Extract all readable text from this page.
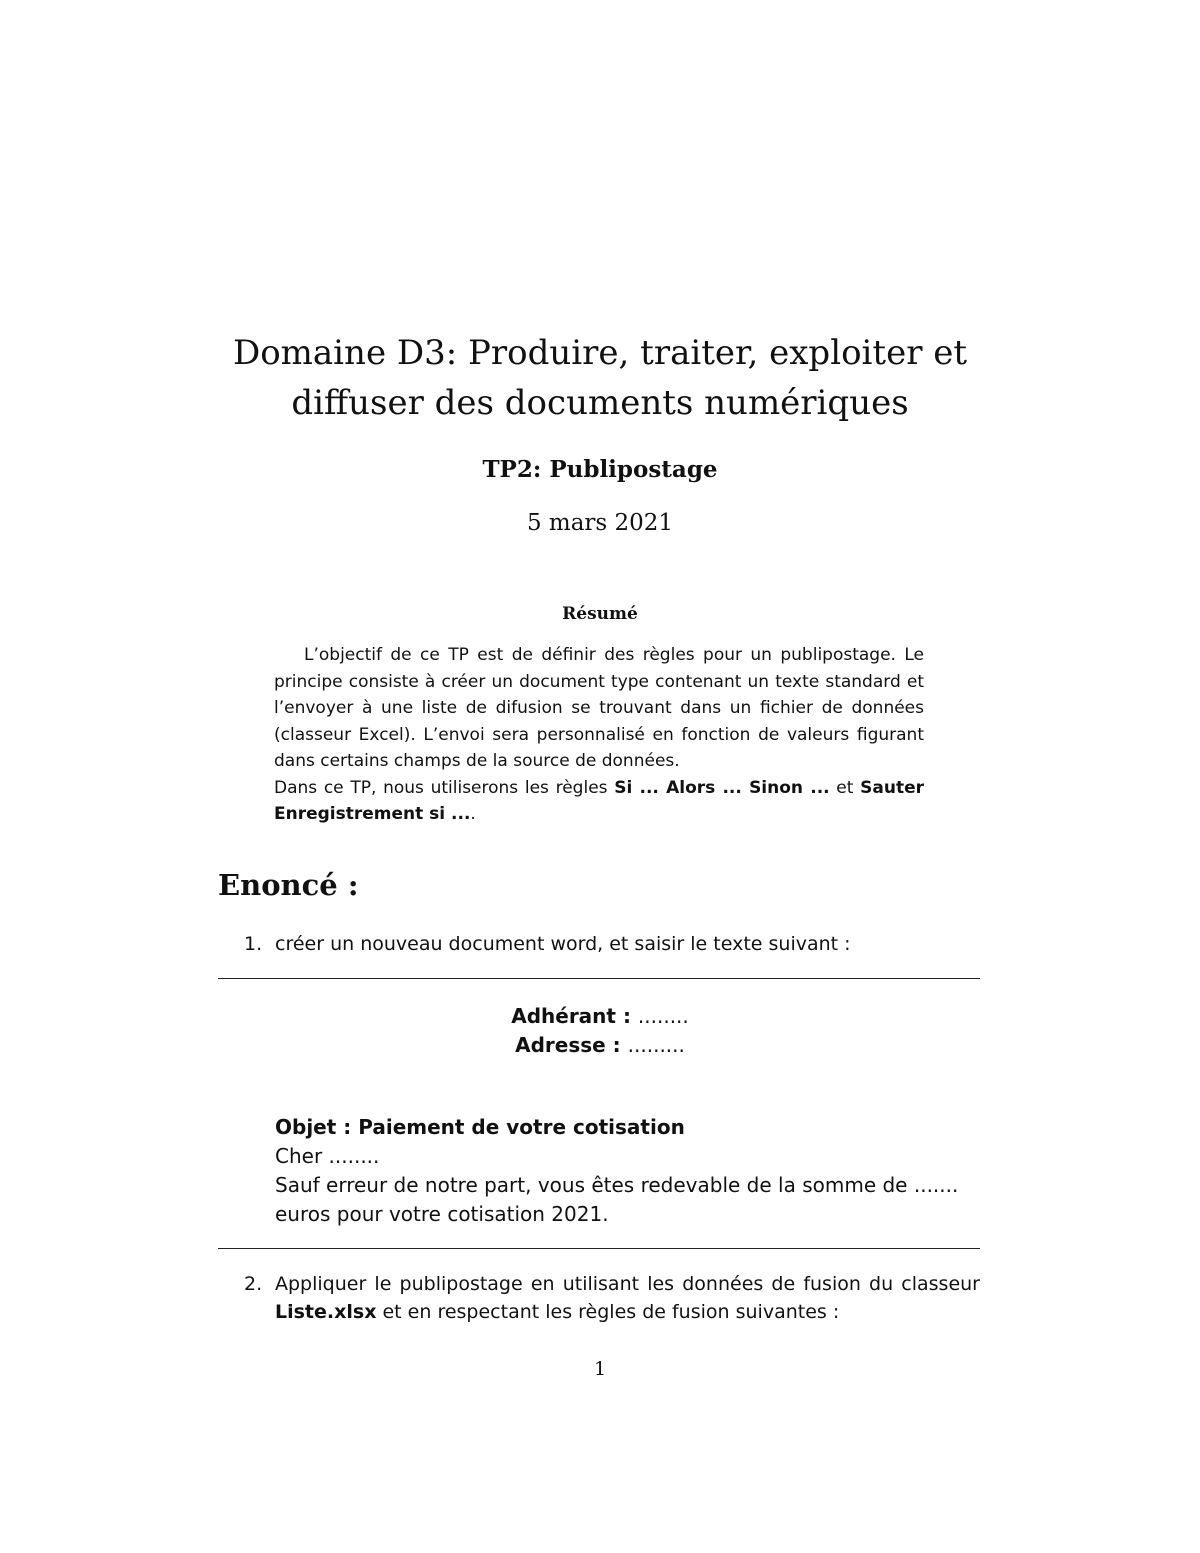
Domaine D3: Produire, traiter, exploiter et
diffuser des documents numériques
TP2: Publipostage
5 mars 2021
Résumé

L’objectif de ce TP est de définir des règles pour un publipostage. Le principe consiste à créer un document type contenant un texte standard et l’envoyer à une liste de difusion se trouvant dans un fichier de données (classeur Excel). L’envoi sera personnalisé en fonction de valeurs figurant dans certains champs de la source de données.

Dans ce TP, nous utiliserons les règles Si ... Alors ... Sinon ... et Sauter Enregistrement si ....

Enoncé :
1. créer un nouveau document word, et saisir le texte suivant :
Adhérant : ........
Adresse : .........

Objet : Paiement de votre cotisation

Cher ........

Sauf erreur de notre part, vous êtes redevable de la somme de .......
euros pour votre cotisation 2021.

2. Appliquer le publipostage en utilisant les données de fusion du classeur Liste.xlsx et en respectant les règles de fusion suivantes :
1
